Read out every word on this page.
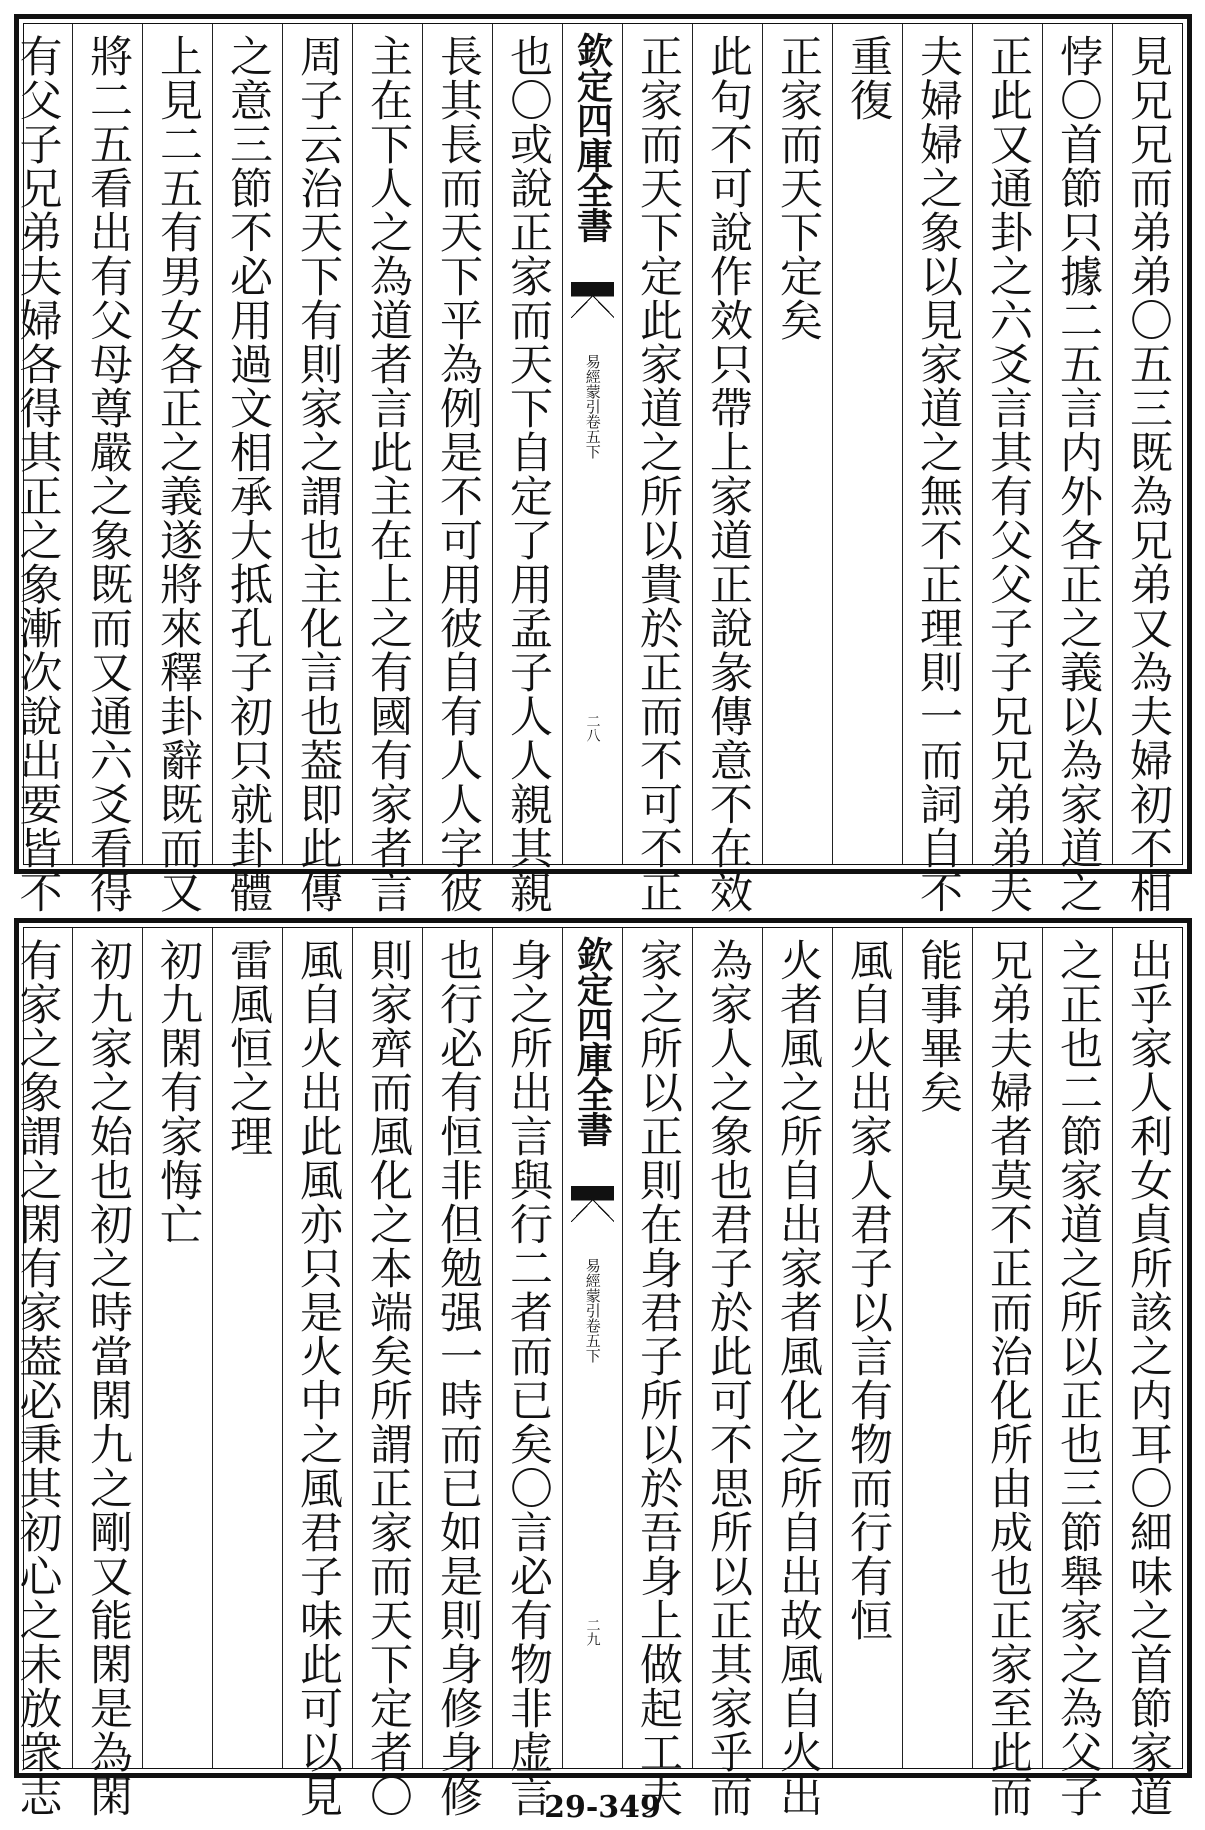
見兄兄而弟弟〇五三既為兄弟又為夫婦初不相
悖〇首節只據二五言内外各正之義以為家道之
正此又通卦之六爻言其有父父子子兄兄弟弟夫
夫婦婦之象以見家道之無不正理則一而詞自不
重復
正家而天下定矣
此句不可說作效只帶上家道正說彖傳意不在效
正家而天下定此家道之所以貴於正而不可不正
欽定四庫全書
易經蒙引卷五下
二八
也〇或說正家而天下自定了用孟子人人親其親
長其長而天下平為例是不可用彼自有人人字彼
主在下人之為道者言此主在上之有國有家者言
周子云治天下有則家之謂也主化言也葢即此傳
之意三節不必用過文相承大抵孔子初只就卦體
上見二五有男女各正之義遂將來釋卦辭既而又
將二五看出有父母尊嚴之象既而又通六爻看得
有父子兄弟夫婦各得其正之象漸次說出要皆不
出乎家人利女貞所該之内耳〇細味之首節家道
之正也二節家道之所以正也三節舉家之為父子
兄弟夫婦者莫不正而治化所由成也正家至此而
能事畢矣
風自火出家人君子以言有物而行有恒
火者風之所自出家者風化之所自出故風自火出
為家人之象也君子於此可不思所以正其家乎而
家之所以正則在身君子所以於吾身上做起工夫
欽定四庫全書
易經蒙引卷五下
二九
身之所出言與行二者而已矣〇言必有物非虚言
也行必有恒非但勉强一時而已如是則身修身修
則家齊而風化之本端矣所謂正家而天下定者〇
風自火出此風亦只是火中之風君子味此可以見
雷風恒之理
初九閑有家悔亡
初九家之始也初之時當閑九之剛又能閑是為閑
有家之象謂之閑有家葢必秉其初心之未放衆志	29-349
